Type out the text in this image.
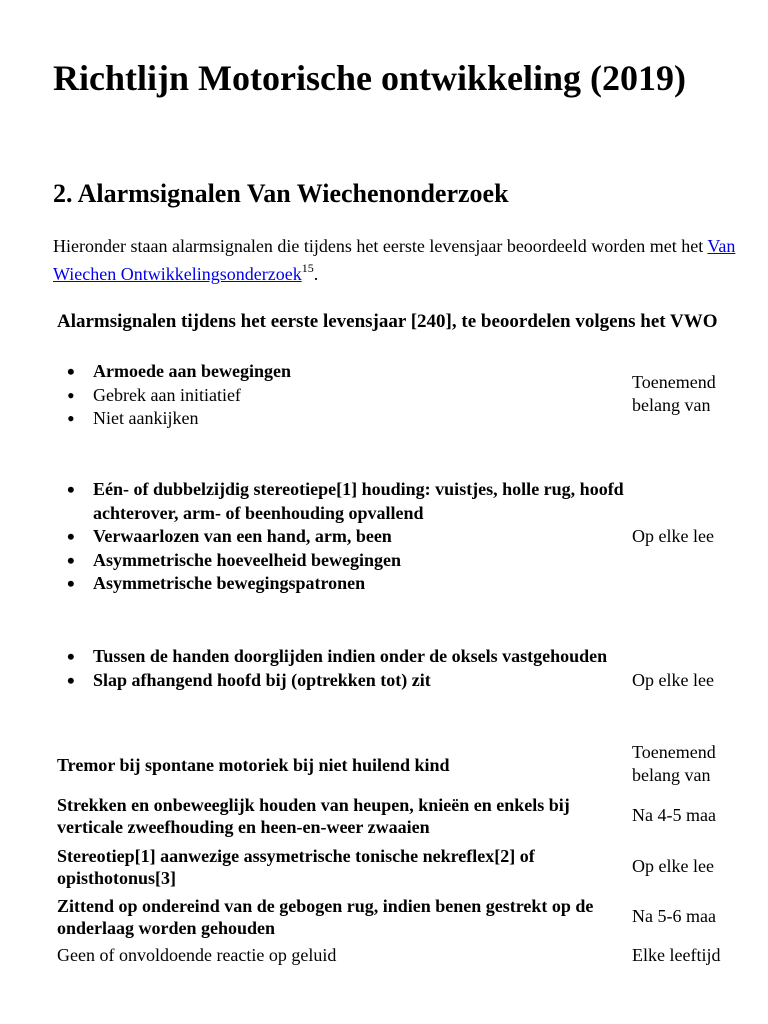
Richtlijn Motorische ontwikkeling (2019)
2. Alarmsignalen Van Wiechenonderzoek

Hieronder staan alarmsignalen die tijdens het eerste levensjaar beoordeeld worden met het Van Wiechen Ontwikkelingsonderzoek$^{15}$.

Alarmsignalen tijdens het eerste levensjaar [240], te beoordelen volgens het VWO
• Armoede aan bewegingen
• Gebrek aan initiatief
• Niet aankijken
Toenemend
belang van
• Eén- of dubbelzijdig stereotiepe[1] houding: vuistjes, holle rug, hoofd achterover, arm- of beenhouding opvallend
• Verwaarlozen van een hand, arm, been
• Asymmetrische hoeveelheid bewegingen
• Asymmetrische bewegingspatronen
Op elke lee
• Tussen de handen doorglijden indien onder de oksels vastgehouden
• Slap afhangend hoofd bij (optrekken tot) zit	Op elke lee
Tremor bij spontane motoriek bij niet huilend kind
Toenemend
belang van
Strekken en onbeweeglijk houden van heupen, knieën en enkels bij verticale zweefhouding en heen-en-weer zwaaien
Na 4-5 maa
Stereotiep[1] aanwezige assymetrische tonische nekreflex[2] of opisthotonus[3]
Op elke lee
Zittend op ondereind van de gebogen rug, indien benen gestrekt op de onderlaag worden gehouden
Na 5-6 maa
Geen of onvoldoende reactie op geluid	Elke leeftijd
